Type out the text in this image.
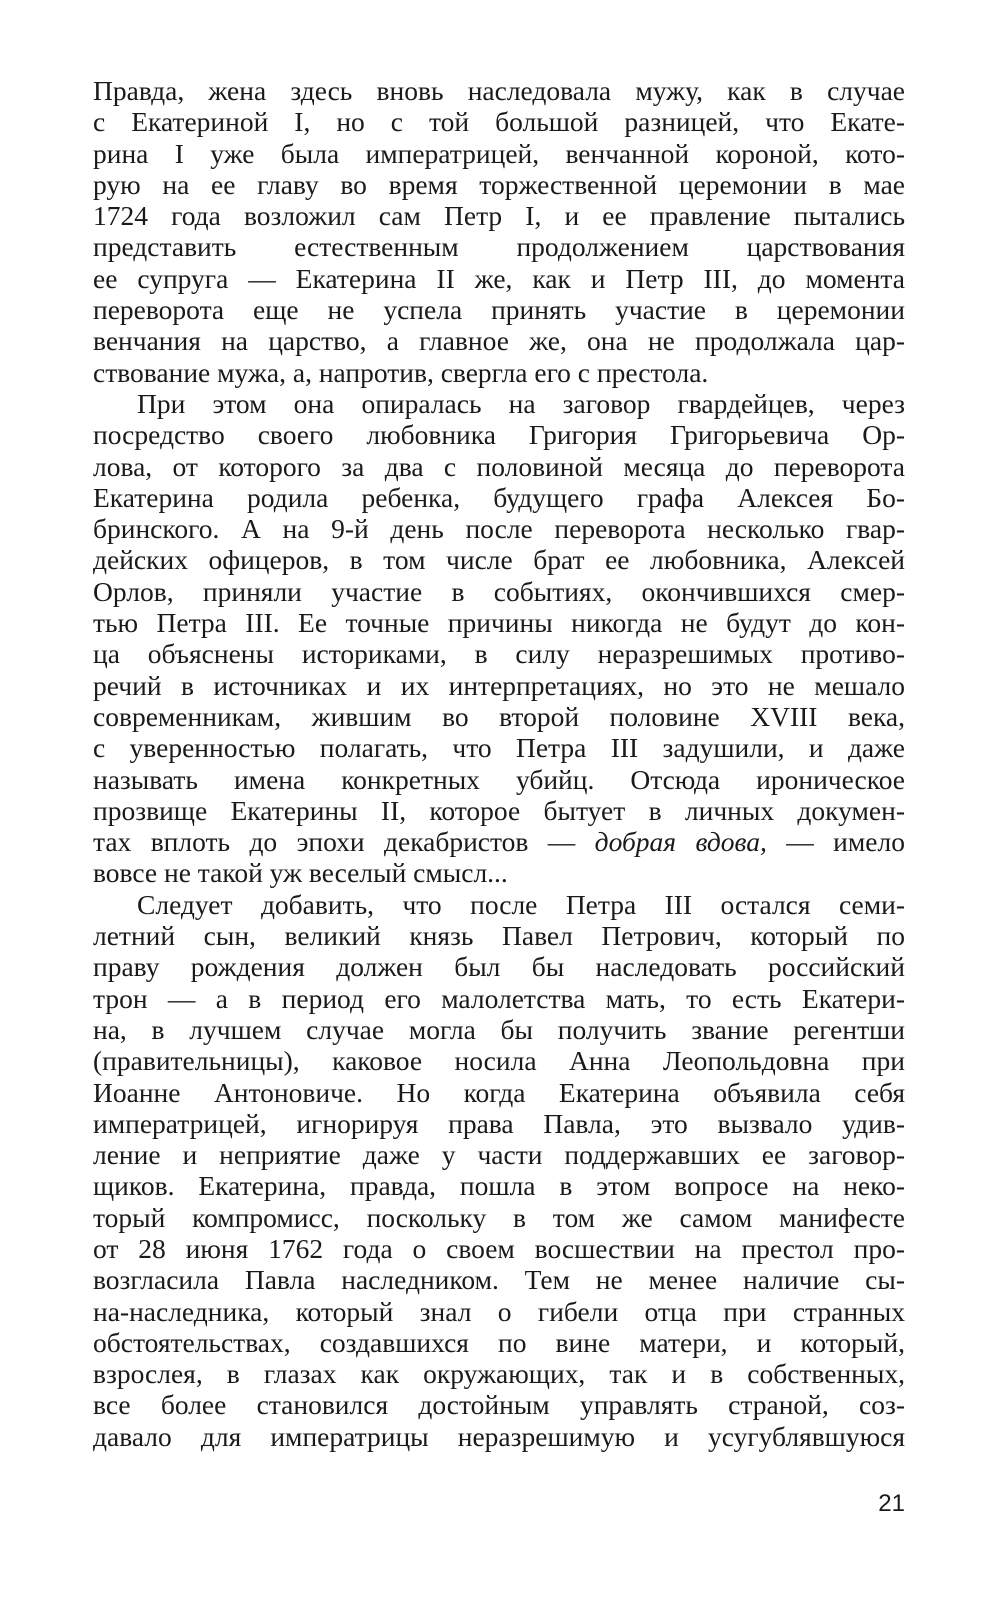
Правда, жена здесь вновь наследовала мужу, как в случае
с Екатериной I, но с той большой разницей, что Екате-
рина I уже была императрицей, венчанной короной, кото-
рую на ее главу во время торжественной церемонии в мае
1724 года возложил сам Петр I, и ее правление пытались
представить естественным продолжением царствования
ее супруга — Екатерина II же, как и Петр III, до момента
переворота еще не успела принять участие в церемонии
венчания на царство, а главное же, она не продолжала цар-
ствование мужа, а, напротив, свергла его с престола.
При этом она опиралась на заговор гвардейцев, через
посредство своего любовника Григория Григорьевича Ор-
лова, от которого за два с половиной месяца до переворота
Екатерина родила ребенка, будущего графа Алексея Бо-
бринского. А на 9-й день после переворота несколько гвар-
дейских офицеров, в том числе брат ее любовника, Алексей
Орлов, приняли участие в событиях, окончившихся смер-
тью Петра III. Ее точные причины никогда не будут до кон-
ца объяснены историками, в силу неразрешимых противо-
речий в источниках и их интерпретациях, но это не мешало
современникам, жившим во второй половине XVIII века,
с уверенностью полагать, что Петра III задушили, и даже
называть имена конкретных убийц. Отсюда ироническое
прозвище Екатерины II, которое бытует в личных докумен-
тах вплоть до эпохи декабристов — добрая вдова, — имело
вовсе не такой уж веселый смысл...
Следует добавить, что после Петра III остался семи-
летний сын, великий князь Павел Петрович, который по
праву рождения должен был бы наследовать российский
трон — а в период его малолетства мать, то есть Екатери-
на, в лучшем случае могла бы получить звание регентши
(правительницы), каковое носила Анна Леопольдовна при
Иоанне Антоновиче. Но когда Екатерина объявила себя
императрицей, игнорируя права Павла, это вызвало удив-
ление и неприятие даже у части поддержавших ее заговор-
щиков. Екатерина, правда, пошла в этом вопросе на неко-
торый компромисс, поскольку в том же самом манифесте
от 28 июня 1762 года о своем восшествии на престол про-
возгласила Павла наследником. Тем не менее наличие сы-
на-наследника, который знал о гибели отца при странных
обстоятельствах, создавшихся по вине матери, и который,
взрослея, в глазах как окружающих, так и в собственных,
все более становился достойным управлять страной, соз-
давало для императрицы неразрешимую и усугублявшуюся
21
